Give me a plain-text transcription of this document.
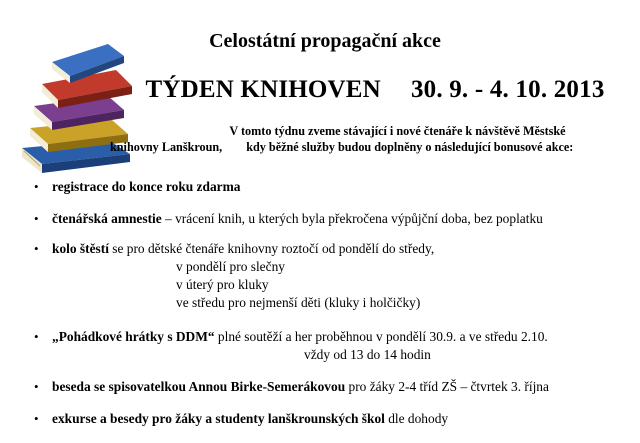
Celostátní propagační akce
TÝDEN KNIHOVEN 30. 9. - 4. 10. 2013
V tomto týdnu zveme stávající i nové čtenáře k návštěvě Městské
knihovny Lanškroun, kdy běžné služby budou doplněny o následující bonusové akce:
• registrace do konce roku zdarma
• čtenářská amnestie – vrácení knih, u kterých byla překročena výpůjční doba, bez poplatku
• kolo štěstí se pro dětské čtenáře knihovny roztočí od pondělí do středy,
v pondělí pro slečny
v úterý pro kluky
ve středu pro nejmenší děti (kluky i holčičky)
• „Pohádkové hrátky s DDM“ plné soutěží a her proběhnou v pondělí 30.9. a ve středu 2.10.
vždy od 13 do 14 hodin
• beseda se spisovatelkou Annou Birke-Semerákovou pro žáky 2-4 tříd ZŠ – čtvrtek 3. října
• exkurse a besedy pro žáky a studenty lanškrounských škol dle dohody
